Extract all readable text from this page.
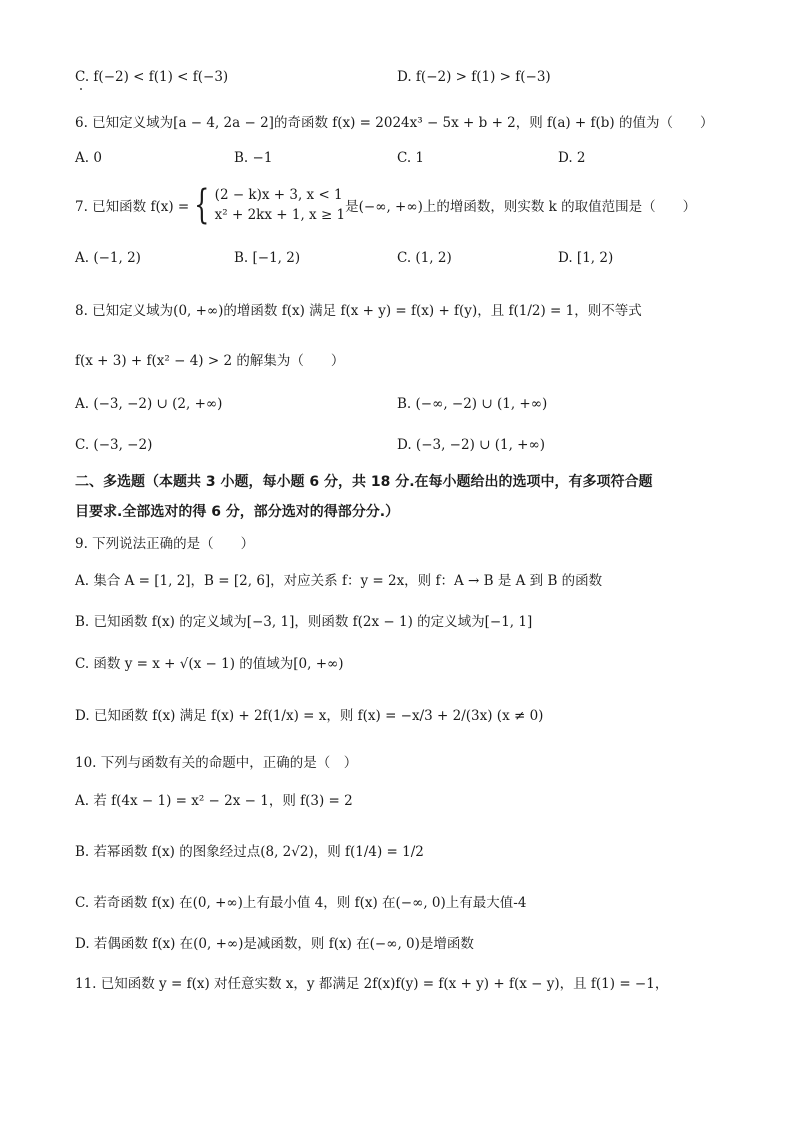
C. f(−2) < f(1) < f(−3)	D. f(−2) > f(1) > f(−3)
6. 已知定义域为[a − 4, 2a − 2]的奇函数 f(x) = 2024x³ − 5x + b + 2，则 f(a) + f(b) 的值为（　　）
A. 0	B. −1	C. 1	D. 2
7. 已知函数 f(x) = { (2 − k)x + 3, x < 1
x² + 2kx + 1, x ≥ 1 是(−∞, +∞)上的增函数，则实数 k 的取值范围是（　　）
A. (−1, 2)	B. [−1, 2)	C. (1, 2)	D. [1, 2)
8. 已知定义域为(0, +∞)的增函数 f(x) 满足 f(x + y) = f(x) + f(y)，且 f(1/2) = 1，则不等式
f(x + 3) + f(x² − 4) > 2 的解集为（　　）
A. (−3, −2) ∪ (2, +∞)	B. (−∞, −2) ∪ (1, +∞)
C. (−3, −2)	D. (−3, −2) ∪ (1, +∞)
二、多选题（本题共 3 小题，每小题 6 分，共 18 分.在每小题给出的选项中，有多项符合题
目要求.全部选对的得 6 分，部分选对的得部分分.）
9. 下列说法正确的是（　　）
A. 集合 A = [1, 2]，B = [2, 6]，对应关系 f：y = 2x，则 f：A → B 是 A 到 B 的函数
B. 已知函数 f(x) 的定义域为[−3, 1]，则函数 f(2x − 1) 的定义域为[−1, 1]
C. 函数 y = x + √(x − 1) 的值域为[0, +∞)
D. 已知函数 f(x) 满足 f(x) + 2f(1/x) = x，则 f(x) = −x/3 + 2/(3x) (x ≠ 0)
10. 下列与函数有关的命题中，正确的是（　）
A. 若 f(4x − 1) = x² − 2x − 1，则 f(3) = 2
B. 若幂函数 f(x) 的图象经过点(8, 2√2)，则 f(1/4) = 1/2
C. 若奇函数 f(x) 在(0, +∞)上有最小值 4，则 f(x) 在(−∞, 0)上有最大值-4
D. 若偶函数 f(x) 在(0, +∞)是减函数，则 f(x) 在(−∞, 0)是增函数
11. 已知函数 y = f(x) 对任意实数 x，y 都满足 2f(x)f(y) = f(x + y) + f(x − y)，且 f(1) = −1，
